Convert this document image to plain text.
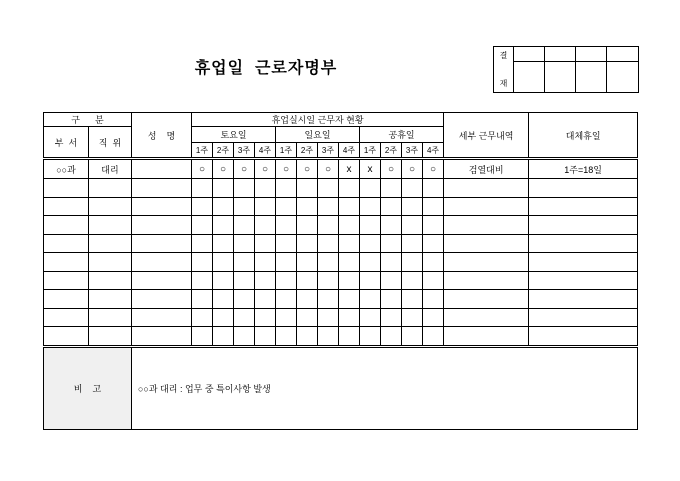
휴업일  근로자명부
결
재
구      분		성    명	휴업실시일 근무자 현황												세부 근무내역	대체휴일
부  서	직  위		토요일				일요일				공휴일					
			1주	2주	3주	4주	1주	2주	3주	4주	1주	2주	3주	4주		
○○과	대리		○	○	○	○	○	○	○	x	x	○	○	○	검열대비	1주=18일

비    고	○○과 대리 : 업무 중 특이사항 발생
